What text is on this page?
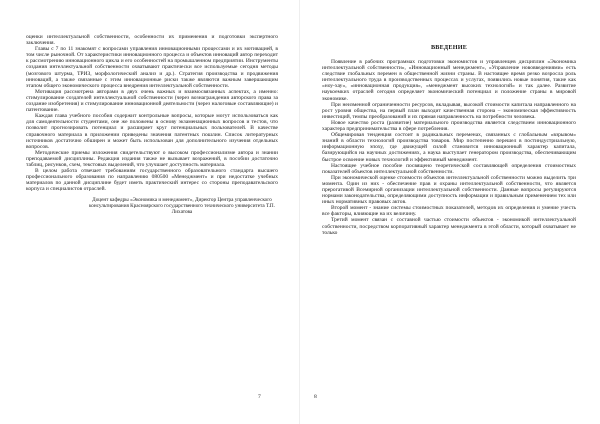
оценки интеллектуальной собственности, особенности их применения и подготовки экспертного заключения.

Главы с 7 по 11 знакомят с вопросами управления инновационными процессами и их мотивацией, в том числе рыночной. От характеристики инновационного процесса и объектов инноваций автор переходит к рассмотрению инновационного цикла и его особенностей на промышленном предприятии. Инструменты создания интеллектуальной собственности охватывают практически все используемые сегодня методы (мозгового штурма, ТРИЗ, морфологический анализ и др.). Стратегия производства и продвижения инноваций, а также связанные с этим инновационные риски также являются важным завершающим этапом общего экономического процесса внедрения интеллектуальной собственности.

Мотивация рассмотрена авторами в двух очень важных и взаимосвязанных аспектах, а именно: стимулирование создателей интеллектуальной собственности (через вознаграждения авторского права за создание изобретения) и стимулирование инновационной деятельности (через налоговые составляющие) и патентование.

Каждая глава учебного пособия содержит контрольные вопросы, которые могут использоваться как для самодеятельности студентами, оне же положены в основу экзаменационных вопросов и тестов, что позволит прогнозировать потенциал и расширяет круг потенциальных пользователей. В качестве справочного материала в приложении приведены значения патентных пошлин. Список литературных источников достаточно обширен и может быть использован для дополнительного изучения отдельных вопросов.

Методические приемы изложения свидетельствуют о высоком профессионализме автора и знании преподаваемой дисциплины. Редакция издания также не вызывает возражений, в пособии достаточно таблиц, рисунков, схем, текстовых выделений, что улучшает доступность материала.

В целом работа отвечает требованиям государственного образовательного стандарта высшего профессионального образования по направлению 080500 «Менеджмент» и при недостатке учебных материалов по данной дисциплине будет иметь практический интерес со стороны преподавательского корпуса и специалистов отраслей.

Доцент кафедры «Экономика и менеджмент», Директор Центра управленческого консультирования Красноярского государственного технического университета Т.П. Лихатова

7
ВВЕДЕНИЕ

Появление в рабочих программах подготовки экономистов и управленцев дисциплин «Экономика интеллектуальной собственности», «Инновационный менеджмент», «Управление нововведениями» есть следствие глобальных перемен в общественной жизни страны. В настоящее время резко возросла роль интеллектуального труда в производственных процессах и услугах, появились новые понятия, такие как «ноу-хау», «инновационная продукция», «менеджмент высоких технологий» и так далее. Развитие наукоемких отраслей сегодня определяет экономический потенциал и положение страны в мировой экономике.

При неизменной ограниченности ресурсов, вкладывая, высокой стоимости капитала направленного на рост уровня общества, на первый план выходит качественная сторона – экономическая эффективность инвестиций, темпы преобразований и их прямая направленность на потребности человека.

Новое качество роста (развитие) материального производства является следствием инновационного характера предпринимательства в сфере потребления.

Общемировая тенденция состоит в радикальных переменах, связанных с глобальным «взрывом» знаний в области технологий производства товаров. Мир постепенно перешел в постиндустриальную, информационную эпоху, где движущей силой становится инновационный характер капитала, базирующийся на научных достижениях, а наука выступает генератором производства, обеспечивающим быстрое освоение новых технологий и эффективный менеджмент.

Настоящее учебное пособие посвящено теоретической составляющей определения стоимостных показателей объектов интеллектуальной собственности.

При экономической оценке стоимости объектов интеллектуальной собственности можно выделить три момента. Один из них - обеспечение прав и охраны интеллектуальной собственности, что является прерогативой Всемирной организации интеллектуальной собственности. Данные вопросы регулируются нормами законодательства, определяющими доступность информации и правильным применением тех или иных нормативных правовых актов.

Второй момент - знание системы стоимостных показателей, методов их определения и умение учесть все факторы, влияющие на их величину.

Третий момент связан с составной частью стоимости объектов - экономикой интеллектуальной собственности, посредством корпоративный характер менеджмента в этой области, который охватывает не только

8
